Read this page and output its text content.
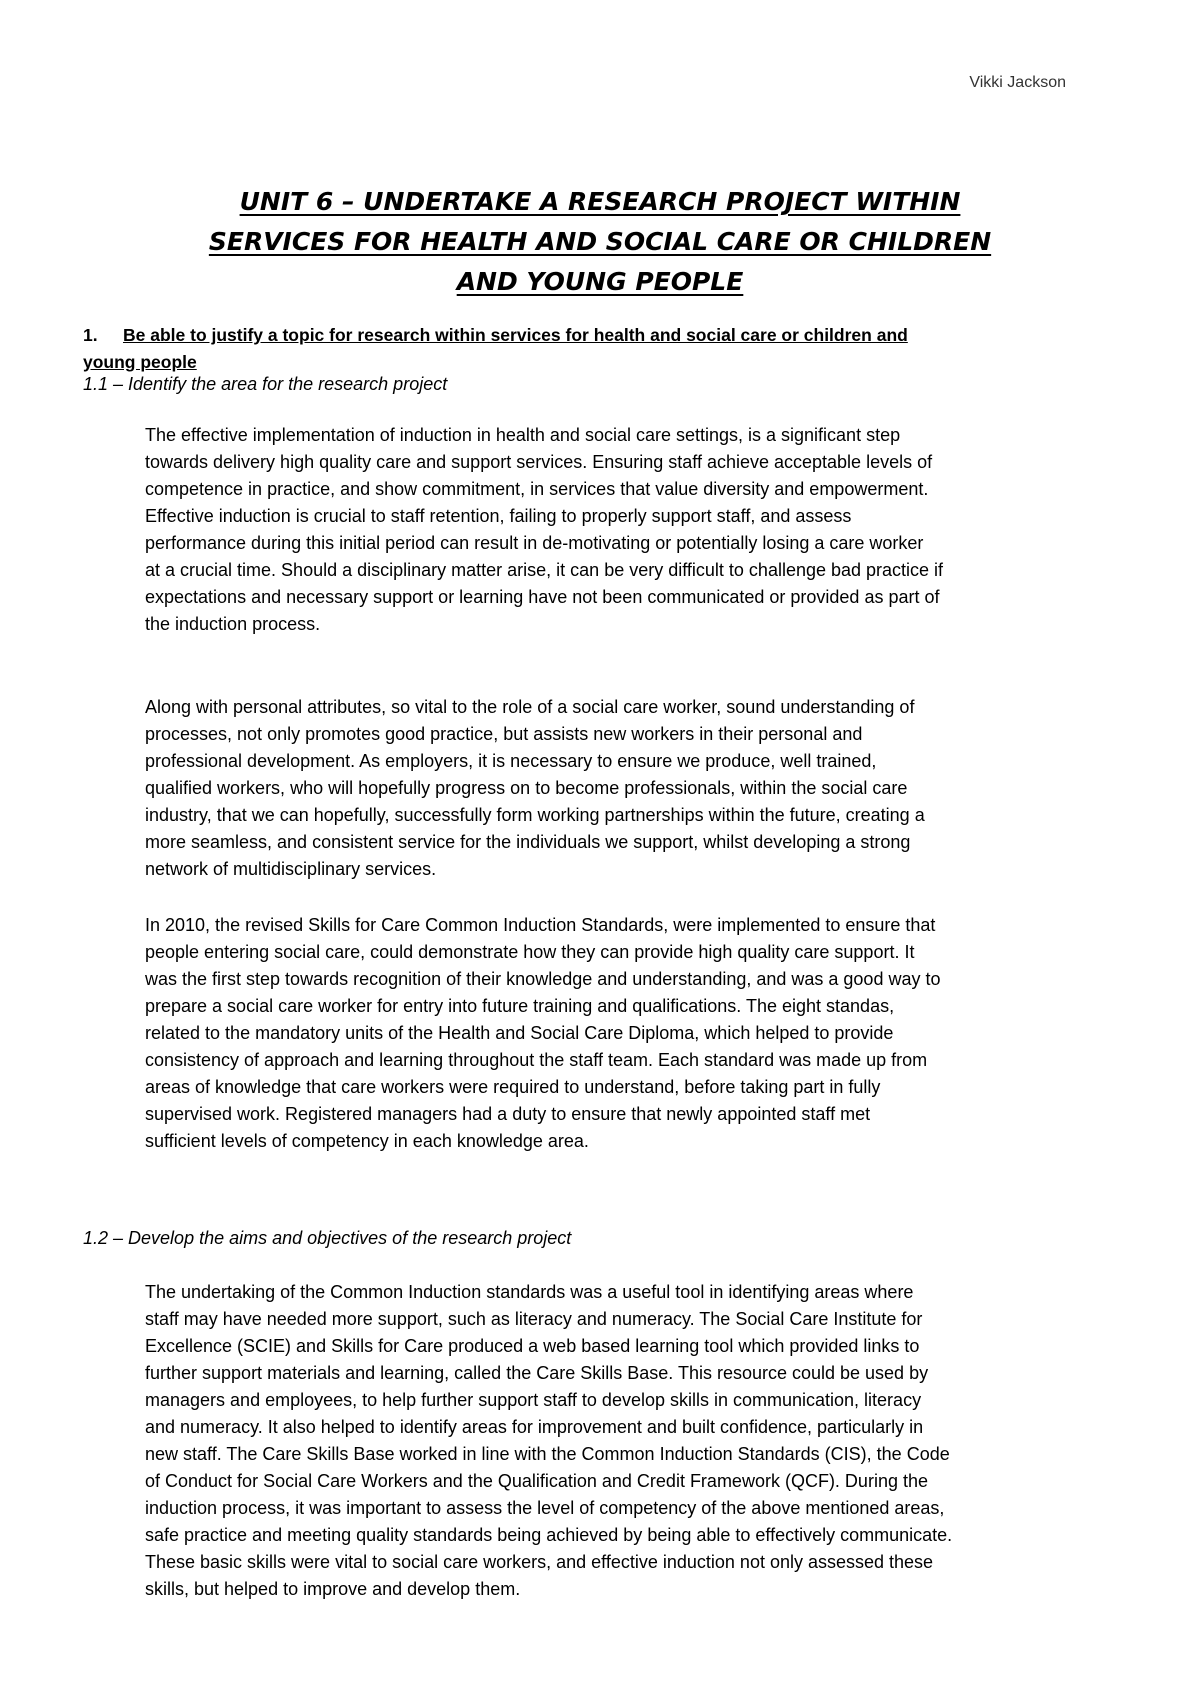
Vikki Jackson
UNIT 6 – UNDERTAKE A RESEARCH PROJECT WITHIN
SERVICES FOR HEALTH AND SOCIAL CARE OR CHILDREN
AND YOUNG PEOPLE
1. Be able to justify a topic for research within services for health and social care or children and
young people
1.1 – Identify the area for the research project

The effective implementation of induction in health and social care settings, is a significant step
towards delivery high quality care and support services. Ensuring staff achieve acceptable levels of
competence in practice, and show commitment, in services that value diversity and empowerment.
Effective induction is crucial to staff retention, failing to properly support staff, and assess
performance during this initial period can result in de-motivating or potentially losing a care worker
at a crucial time. Should a disciplinary matter arise, it can be very difficult to challenge bad practice if
expectations and necessary support or learning have not been communicated or provided as part of
the induction process.

Along with personal attributes, so vital to the role of a social care worker, sound understanding of
processes, not only promotes good practice, but assists new workers in their personal and
professional development. As employers, it is necessary to ensure we produce, well trained,
qualified workers, who will hopefully progress on to become professionals, within the social care
industry, that we can hopefully, successfully form working partnerships within the future, creating a
more seamless, and consistent service for the individuals we support, whilst developing a strong
network of multidisciplinary services.

In 2010, the revised Skills for Care Common Induction Standards, were implemented to ensure that
people entering social care, could demonstrate how they can provide high quality care support. It
was the first step towards recognition of their knowledge and understanding, and was a good way to
prepare a social care worker for entry into future training and qualifications. The eight standas,
related to the mandatory units of the Health and Social Care Diploma, which helped to provide
consistency of approach and learning throughout the staff team. Each standard was made up from
areas of knowledge that care workers were required to understand, before taking part in fully
supervised work. Registered managers had a duty to ensure that newly appointed staff met
sufficient levels of competency in each knowledge area.

1.2 – Develop the aims and objectives of the research project

The undertaking of the Common Induction standards was a useful tool in identifying areas where
staff may have needed more support, such as literacy and numeracy. The Social Care Institute for
Excellence (SCIE) and Skills for Care produced a web based learning tool which provided links to
further support materials and learning, called the Care Skills Base. This resource could be used by
managers and employees, to help further support staff to develop skills in communication, literacy
and numeracy. It also helped to identify areas for improvement and built confidence, particularly in
new staff. The Care Skills Base worked in line with the Common Induction Standards (CIS), the Code
of Conduct for Social Care Workers and the Qualification and Credit Framework (QCF). During the
induction process, it was important to assess the level of competency of the above mentioned areas,
safe practice and meeting quality standards being achieved by being able to effectively communicate.
These basic skills were vital to social care workers, and effective induction not only assessed these
skills, but helped to improve and develop them.
